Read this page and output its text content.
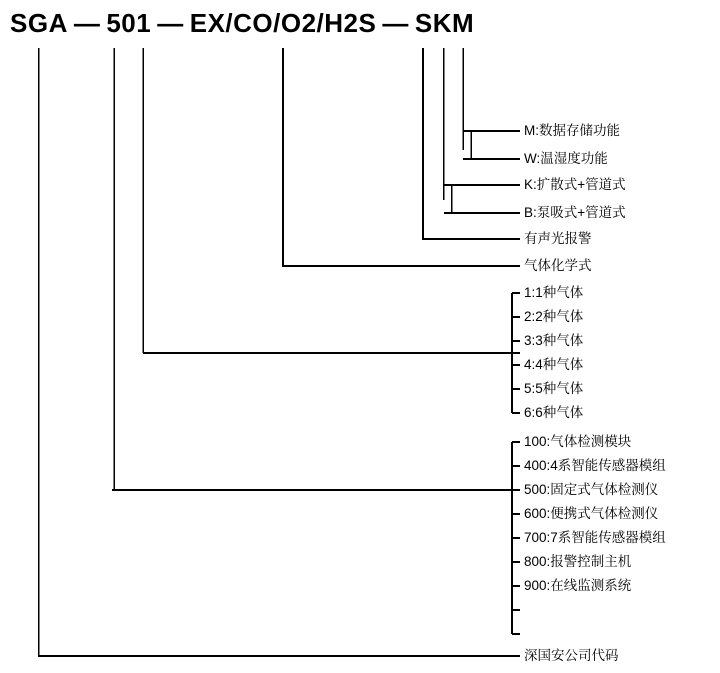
SGA — 501 — EX/CO/O2/H2S — SKM
M:数据存储功能
W:温湿度功能
K:扩散式+管道式
B:泵吸式+管道式
有声光报警
气体化学式
1:1种气体
2:2种气体
3:3种气体
4:4种气体
5:5种气体
6:6种气体
100:气体检测模块
400:4系智能传感器模组
500:固定式气体检测仪
600:便携式气体检测仪
700:7系智能传感器模组
800:报警控制主机
900:在线监测系统
深国安公司代码
